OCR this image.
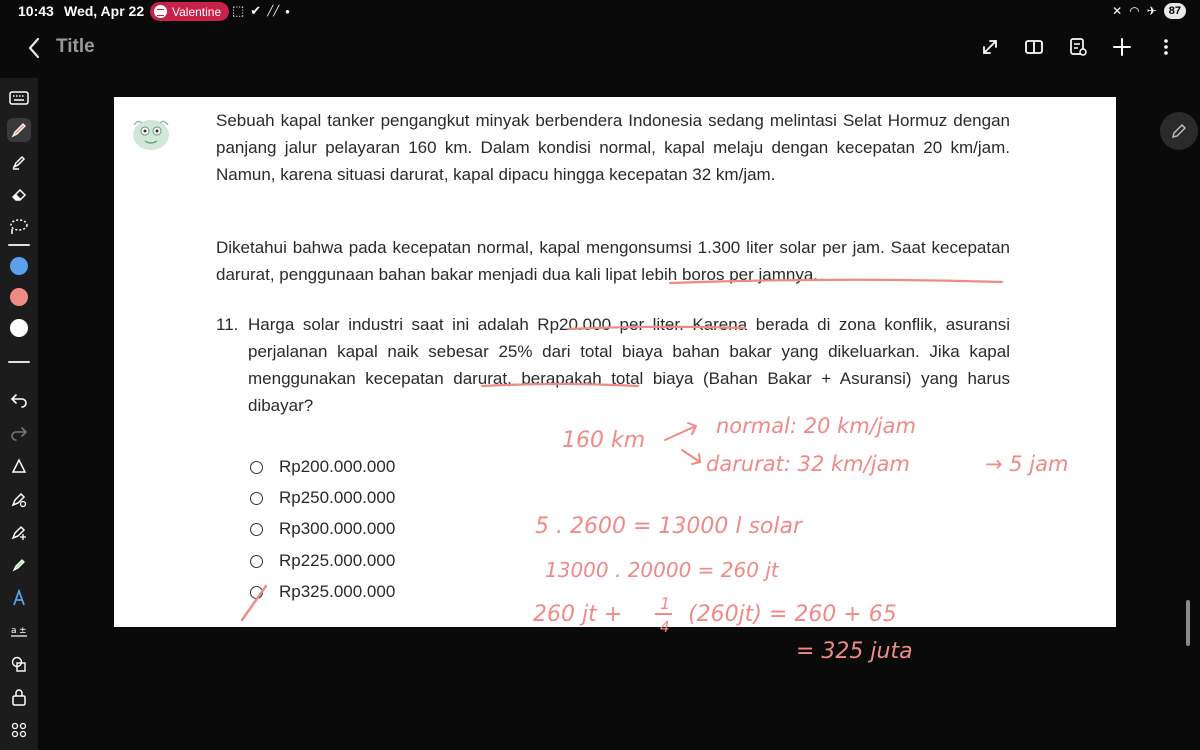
10:43 Wed, Apr 22 Valentine ⬚ ✔ ╱╱ •	✕ ◠ ✈	87
Title
a ±
Sebuah kapal tanker pengangkut minyak berbendera Indonesia sedang melintasi Selat Hormuz dengan panjang jalur pelayaran 160 km. Dalam kondisi normal, kapal melaju dengan kecepatan 20 km/jam. Namun, karena situasi darurat, kapal dipacu hingga kecepatan 32 km/jam.
Diketahui bahwa pada kecepatan normal, kapal mengonsumsi 1.300 liter solar per jam. Saat kecepatan darurat, penggunaan bahan bakar menjadi dua kali lipat lebih boros per jamnya.
11. Harga solar industri saat ini adalah Rp20.000 per liter. Karena berada di zona konflik, asuransi perjalanan kapal naik sebesar 25% dari total biaya bahan bakar yang dikeluarkan. Jika kapal menggunakan kecepatan darurat, berapakah total biaya (Bahan Bakar + Asuransi) yang harus dibayar?
Rp200.000.000
Rp250.000.000
Rp300.000.000
Rp225.000.000
Rp325.000.000
160 km
normal: 20 km/jam
darurat: 32 km/jam	→ 5 jam
5 . 2600 = 13000 l solar
13000 . 20000 = 260 jt
260 jt + 1
4 (260jt) = 260 + 65
= 325 juta
